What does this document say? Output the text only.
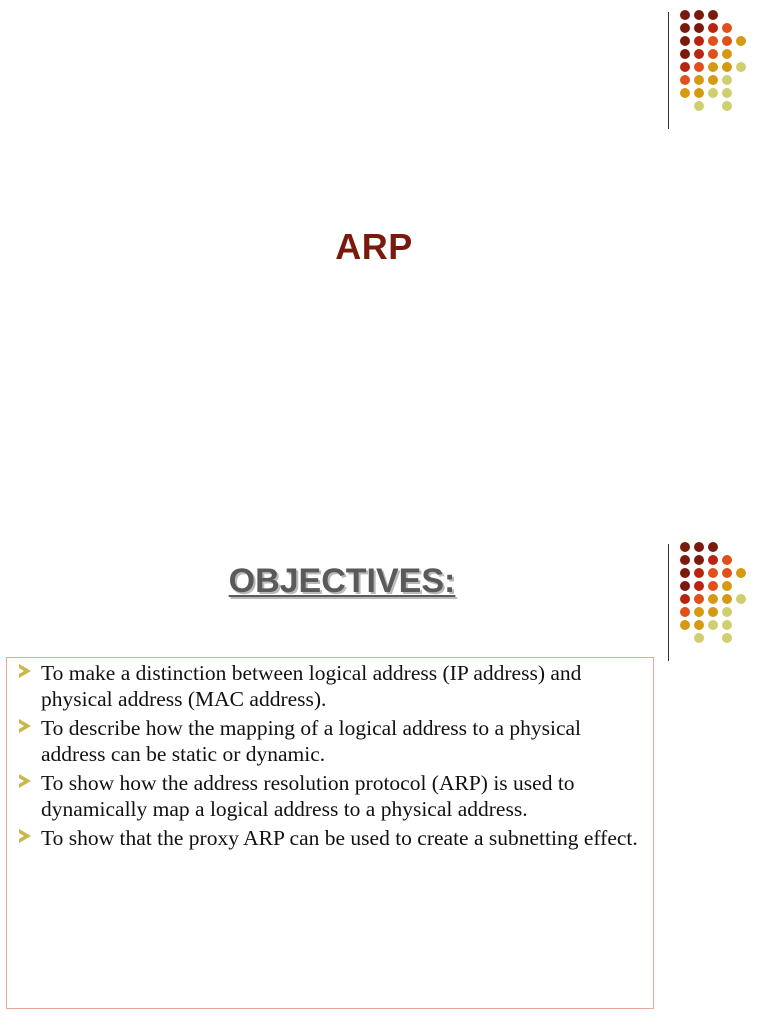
ARP
OBJECTIVES:
To make a distinction between logical address (IP address) and physical address (MAC address).
To describe how the mapping of a logical address to a physical address can be static or dynamic.
To show how the address resolution protocol (ARP) is used to dynamically map a logical address to a physical address.
To show that the proxy ARP can be used to create a subnetting effect.
